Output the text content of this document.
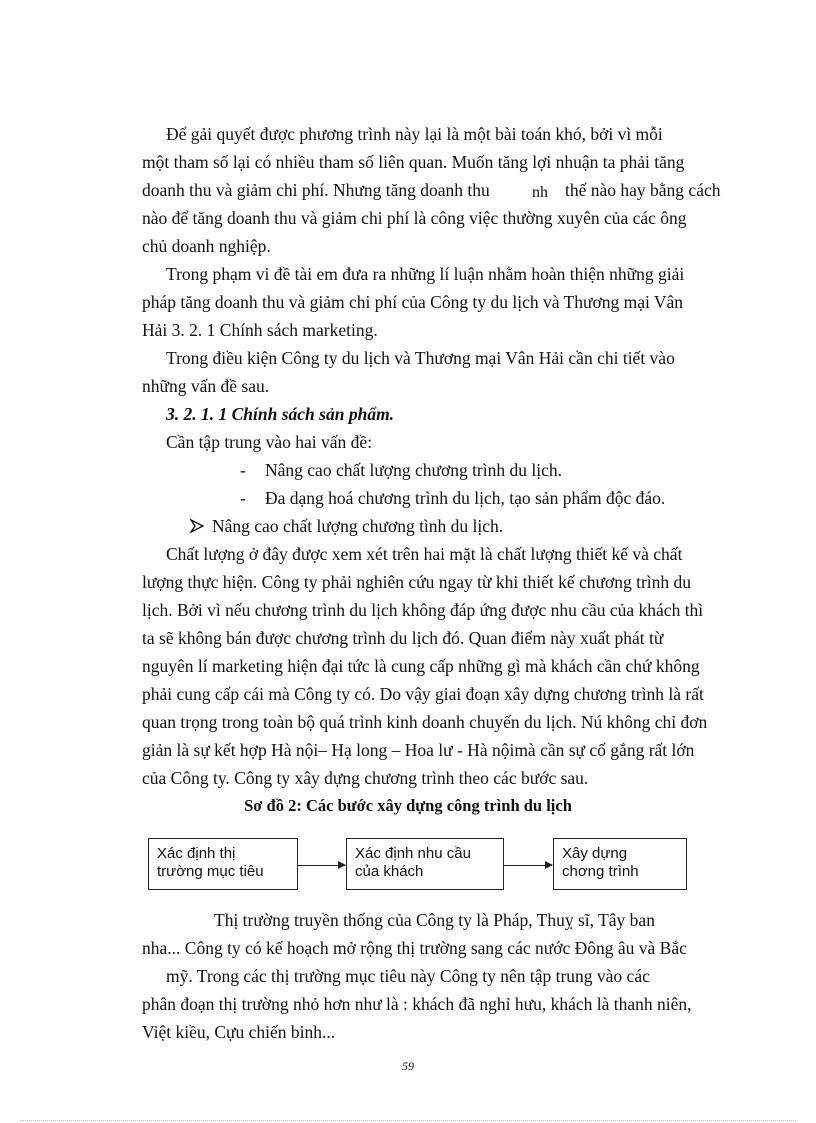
Để gải quyết được phương trình này lại là một bài toán khó, bởi vì mỗi
một tham số lại có nhiều tham số liên quan. Muốn tăng lợi nhuận ta phải tăng
doanh thu và giảm chi phí. Nhưng tăng doanh thu	nh thế nào hay bằng cách
nào để tăng doanh thu và giảm chi phí là công việc thường xuyên của các ông
chủ doanh nghiệp.
Trong phạm vi đề tài em đưa ra những lí luận nhằm hoàn thiện những giải
pháp tăng doanh thu và giảm chi phí của Công ty du lịch và Thương mại Vân
Hải 3. 2. 1 Chính sách marketing.
Trong điều kiện Công ty du lịch và Thương mại Vân Hải cần chi tiết vào
những vấn đề sau.
3. 2. 1. 1 Chính sách sản phẩm.
Cần tập trung vào hai vấn đề:
- Nâng cao chất lượng chương trình du lịch.
- Đa dạng hoá chương trình du lịch, tạo sản phẩm độc đáo.
Nâng cao chất lượng chương tình du lịch.
Chất lượng ở đây được xem xét trên hai mặt là chất lượng thiết kế và chất
lượng thực hiện. Công ty phải nghiên cứu ngay từ khi thiết kế chương trình du
lịch. Bởi vì nếu chương trình du lịch không đáp ứng được nhu cầu của khách thì
ta sẽ không bán được chương trình du lịch đó. Quan điểm này xuất phát từ
nguyên lí marketing hiện đại tức là cung cấp những gì mà khách cần chứ không
phải cung cấp cái mà Công ty có. Do vậy giai đoạn xây dựng chương trình là rất
quan trọng trong toàn bộ quá trình kinh doanh chuyến du lịch. Nú không chỉ đơn
giản là sự kết hợp Hà nội– Hạ long – Hoa lư - Hà nộimà cần sự cố gắng rất lớn
của Công ty. Công ty xây dựng chương trình theo các bước sau.
Sơ đồ 2: Các bước xây dựng công trình du lịch
Xác định thị
trường mục tiêu
Xác định nhu cầu
của khách
Xây dựng
chơng trình
Thị trường truyền thống của Công ty là Pháp, Thuỵ sĩ, Tây ban
nha... Công ty có kế hoạch mở rộng thị trường sang các nước Đông âu và Bắc
mỹ. Trong các thị trường mục tiêu này Công ty nên tập trung vào các
phân đoạn thị trường nhỏ hơn như là : khách đã nghỉ hưu, khách là thanh niên,
Việt kiều, Cựu chiến binh...
59
